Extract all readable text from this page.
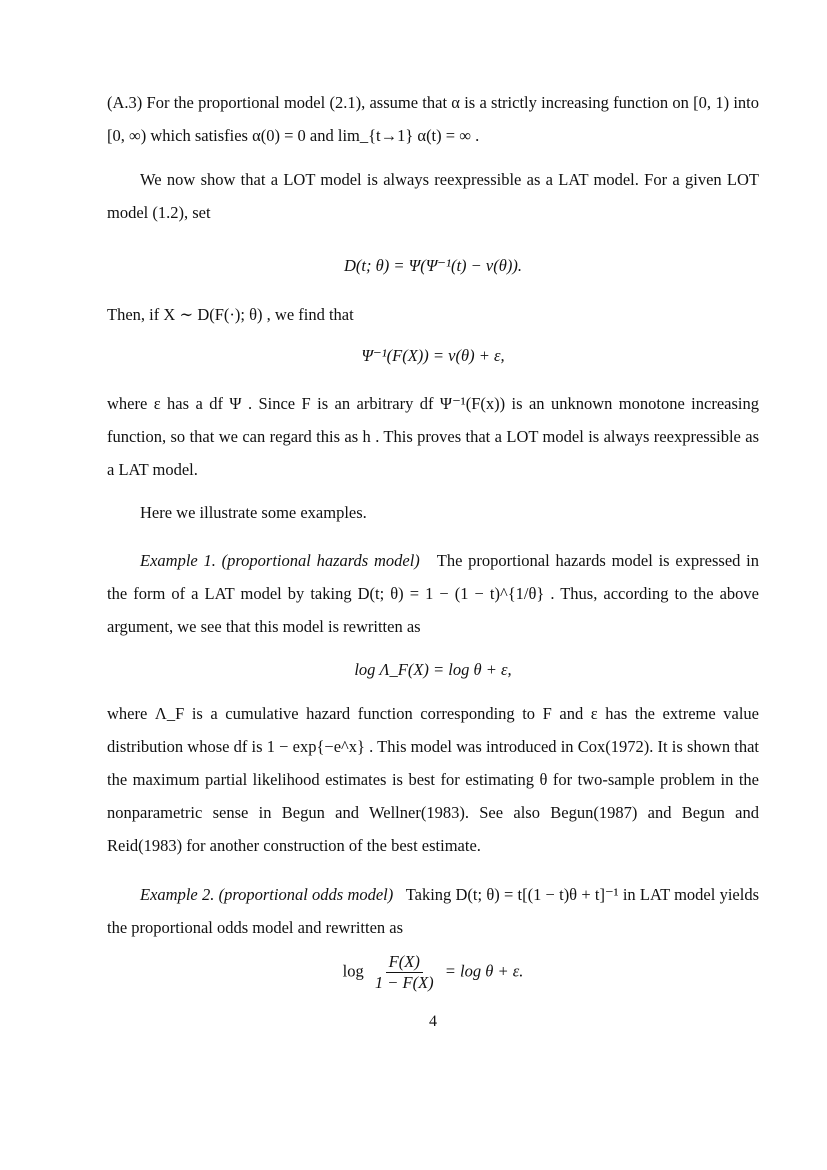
(A.3) For the proportional model (2.1), assume that α is a strictly increasing function on [0, 1) into [0, ∞) which satisfies α(0) = 0 and lim_{t→1} α(t) = ∞ .

We now show that a LOT model is always reexpressible as a LAT model. For a given LOT model (1.2), set

D(t; θ) = Ψ(Ψ⁻¹(t) − ν(θ)).

Then, if X ∼ D(F(·); θ) , we find that

Ψ⁻¹(F(X)) = ν(θ) + ε,

where ε has a df Ψ . Since F is an arbitrary df Ψ⁻¹(F(x)) is an unknown monotone increasing function, so that we can regard this as h . This proves that a LOT model is always reexpressible as a LAT model.

Here we illustrate some examples.

Example 1. (proportional hazards model) The proportional hazards model is expressed in the form of a LAT model by taking D(t; θ) = 1 − (1 − t)^{1/θ} . Thus, according to the above argument, we see that this model is rewritten as

log Λ_F(X) = log θ + ε,

where Λ_F is a cumulative hazard function corresponding to F and ε has the extreme value distribution whose df is 1 − exp{−e^x} . This model was introduced in Cox(1972). It is shown that the maximum partial likelihood estimates is best for estimating θ for two-sample problem in the nonparametric sense in Begun and Wellner(1983). See also Begun(1987) and Begun and Reid(1983) for another construction of the best estimate.

Example 2. (proportional odds model) Taking D(t; θ) = t[(1 − t)θ + t]⁻¹ in LAT model yields the proportional odds model and rewritten as

$\log \frac{F(X)}{1 - F(X)} = \log \theta + \varepsilon$.
4
